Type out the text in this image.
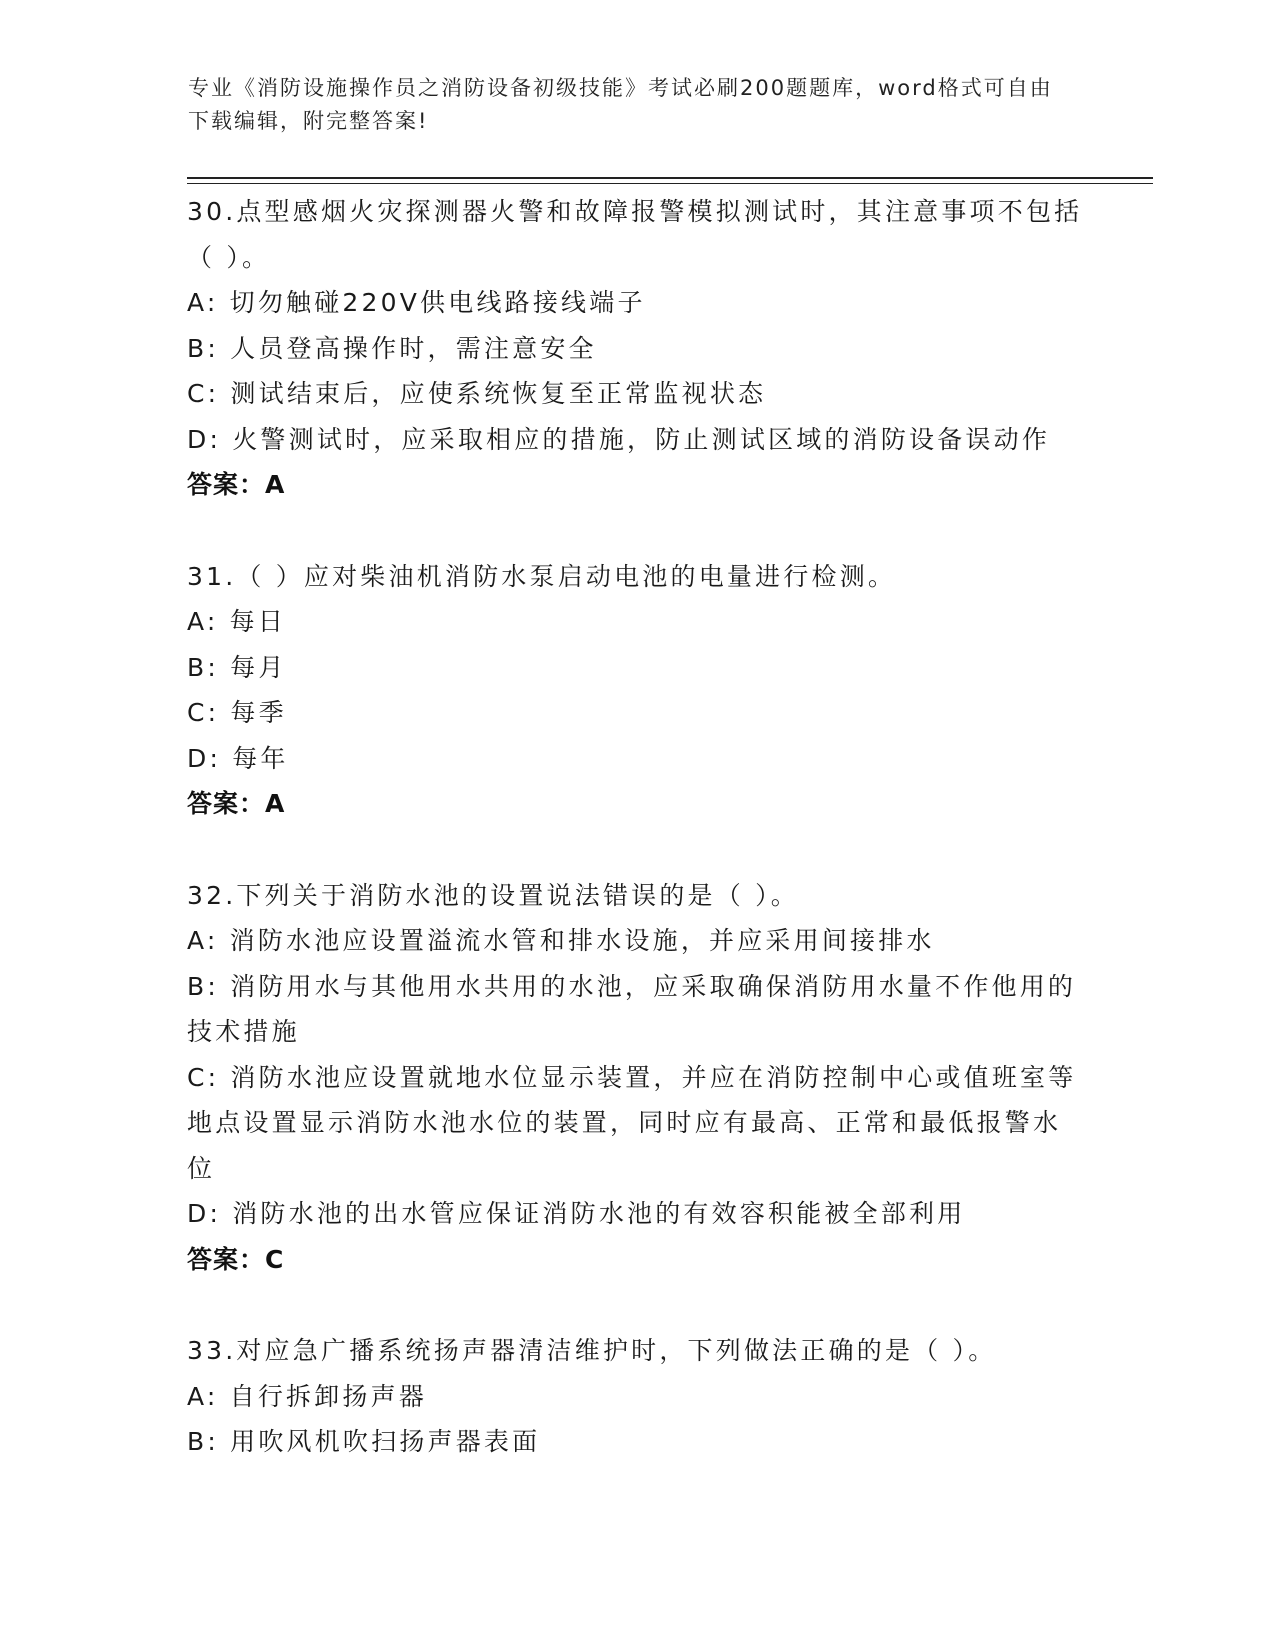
专业《消防设施操作员之消防设备初级技能》考试必刷200题题库，word格式可自由下载编辑，附完整答案!

30.点型感烟火灾探测器火警和故障报警模拟测试时，其注意事项不包括（ ）。

A: 切勿触碰220V供电线路接线端子

B: 人员登高操作时，需注意安全

C: 测试结束后，应使系统恢复至正常监视状态

D: 火警测试时，应采取相应的措施，防止测试区域的消防设备误动作

答案：A

31.（ ）应对柴油机消防水泵启动电池的电量进行检测。

A: 每日

B: 每月

C: 每季

D: 每年

答案：A

32.下列关于消防水池的设置说法错误的是（ ）。

A: 消防水池应设置溢流水管和排水设施，并应采用间接排水

B: 消防用水与其他用水共用的水池，应采取确保消防用水量不作他用的技术措施

C: 消防水池应设置就地水位显示装置，并应在消防控制中心或值班室等地点设置显示消防水池水位的装置，同时应有最高、正常和最低报警水位

D: 消防水池的出水管应保证消防水池的有效容积能被全部利用

答案：C

33.对应急广播系统扬声器清洁维护时，下列做法正确的是（ ）。

A: 自行拆卸扬声器

B: 用吹风机吹扫扬声器表面
